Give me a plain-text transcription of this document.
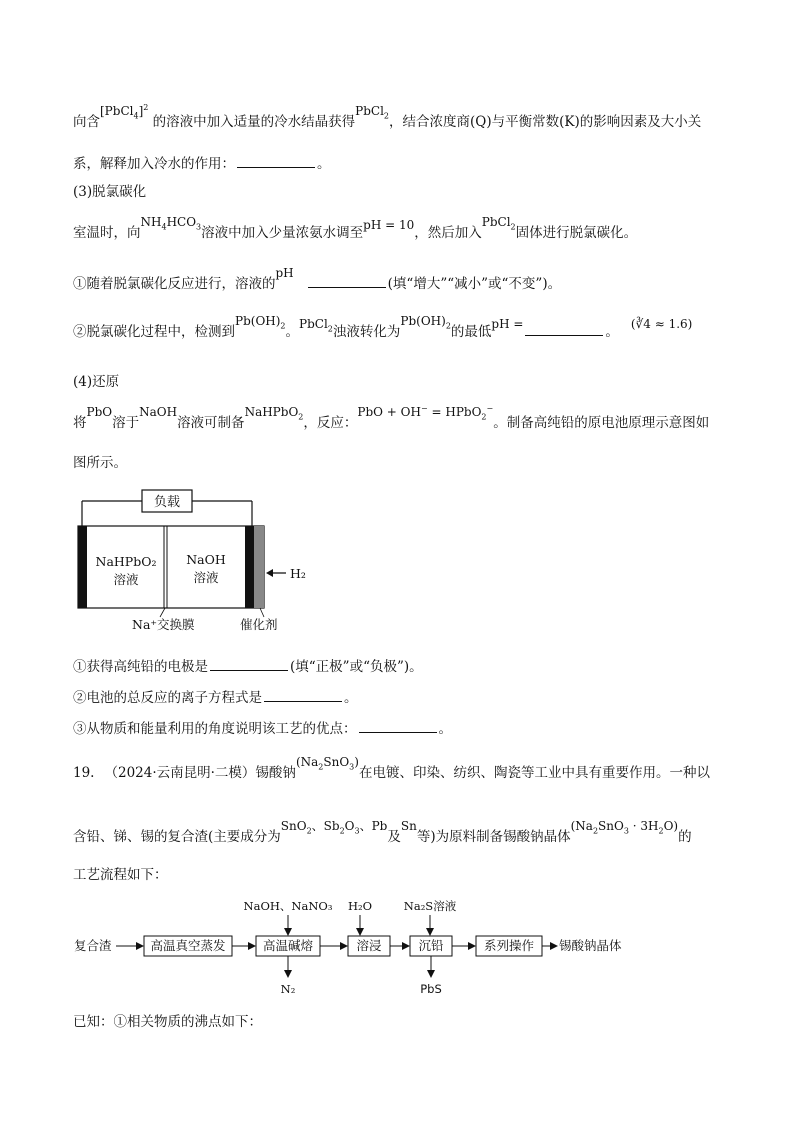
向含[PbCl$_4$]$^2$ 的溶液中加入适量的冷水结晶获得PbCl$_2$，结合浓度商(Q)与平衡常数(K)的影响因素及大小关
系，解释加入冷水的作用：	。
(3)脱氯碳化
室温时，向$NH_4HCO_3$溶液中加入少量浓氨水调至pH = 10，然后加入PbCl$_2$固体进行脱氯碳化。
①随着脱氯碳化反应进行，溶液的pH(填“增大”“减小”或“不变”)。
②脱氯碳化过程中，检测到$Pb(OH)_2$。PbCl$_2$浊液转化为$Pb(OH)_2$的最低pH =	。 (∛4 ≈ 1.6)
(4)还原
将PbO溶于NaOH溶液可制备NaHPbO$_2$，反应：PbO + OH− = HPbO$_2$−。制备高纯铅的原电池原理示意图如
图所示。
负载
NaHPbO₂
溶液
NaOH
溶液	H₂
Na⁺交换膜	催化剂
①获得高纯铅的电极是	(填“正极”或“负极”)。
②电池的总反应的离子方程式是	。
③从物质和能量利用的角度说明该工艺的优点：	。
19. （2024·云南昆明·二模）锡酸钠$(Na_2SnO_3)$在电镀、印染、纺织、陶瓷等工业中具有重要作用。一种以
含铅、锑、锡的复合渣(主要成分为SnO$_2$、$Sb_2O_3$、Pb及Sn等)为原料制备锡酸钠晶体$(Na_2SnO_3 \cdot 3H_2O)$的
工艺流程如下：
复合渣	高温真空蒸发	高温碱熔
NaOH、NaNO₃
N₂
溶浸
H₂O
沉铅
Na₂S溶液
PbS
系列操作 锡酸钠晶体
已知：①相关物质的沸点如下：
